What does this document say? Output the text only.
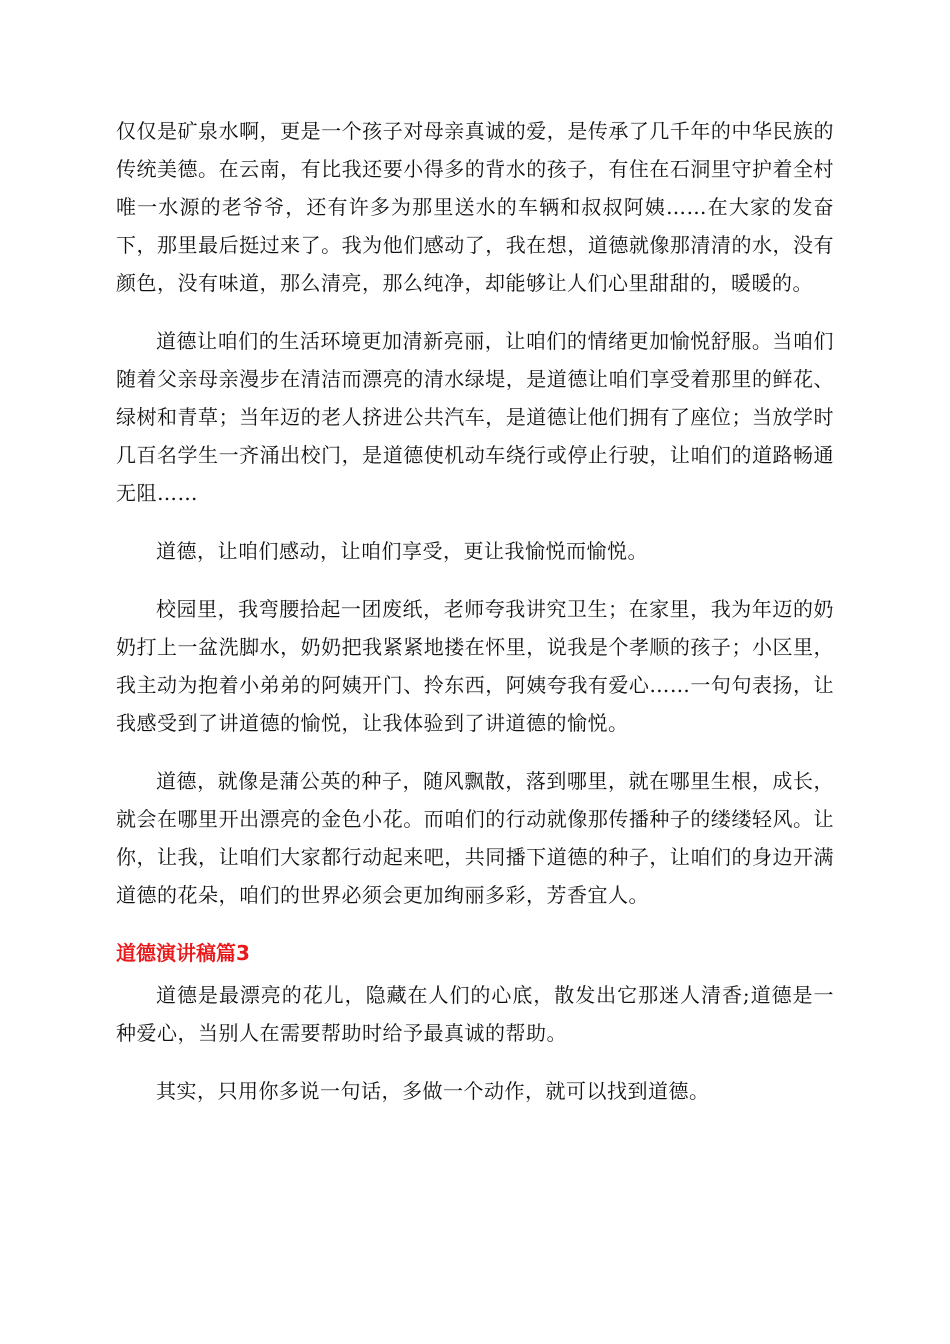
仅仅是矿泉水啊，更是一个孩子对母亲真诚的爱，是传承了几千年的中华民族的传统美德。在云南，有比我还要小得多的背水的孩子，有住在石洞里守护着全村唯一水源的老爷爷，还有许多为那里送水的车辆和叔叔阿姨……在大家的发奋下，那里最后挺过来了。我为他们感动了，我在想，道德就像那清清的水，没有颜色，没有味道，那么清亮，那么纯净，却能够让人们心里甜甜的，暖暖的。

道德让咱们的生活环境更加清新亮丽，让咱们的情绪更加愉悦舒服。当咱们随着父亲母亲漫步在清洁而漂亮的清水绿堤，是道德让咱们享受着那里的鲜花、绿树和青草；当年迈的老人挤进公共汽车，是道德让他们拥有了座位；当放学时几百名学生一齐涌出校门，是道德使机动车绕行或停止行驶，让咱们的道路畅通无阻……

道德，让咱们感动，让咱们享受，更让我愉悦而愉悦。

校园里，我弯腰拾起一团废纸，老师夸我讲究卫生；在家里，我为年迈的奶奶打上一盆洗脚水，奶奶把我紧紧地搂在怀里，说我是个孝顺的孩子；小区里，我主动为抱着小弟弟的阿姨开门、拎东西，阿姨夸我有爱心……一句句表扬，让我感受到了讲道德的愉悦，让我体验到了讲道德的愉悦。

道德，就像是蒲公英的种子，随风飘散，落到哪里，就在哪里生根，成长，就会在哪里开出漂亮的金色小花。而咱们的行动就像那传播种子的缕缕轻风。让你，让我，让咱们大家都行动起来吧，共同播下道德的种子，让咱们的身边开满道德的花朵，咱们的世界必须会更加绚丽多彩，芳香宜人。

道德演讲稿篇3

道德是最漂亮的花儿，隐藏在人们的心底，散发出它那迷人清香;道德是一种爱心，当别人在需要帮助时给予最真诚的帮助。

其实，只用你多说一句话，多做一个动作，就可以找到道德。
